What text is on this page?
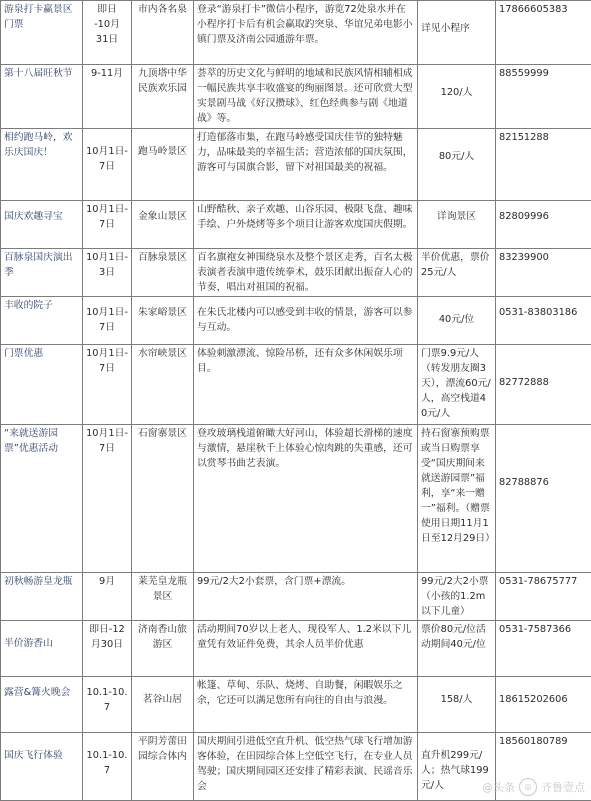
游泉打卡赢景区门票	即日
-10月
31日	市内各名泉	登录“游泉打卡”微信小程序，游览72处泉水并在小程序打卡后有机会赢取趵突泉、华谊兄弟电影小镇门票及济南公园通游年票。	详见小程序	17866605383

第十八届旺秋节	9-11月	九顶塔中华民族欢乐园	荟萃的历史文化与鲜明的地域和民族风情相辅相成一幅民族共享丰收盛宴的绚丽图景。还可欣赏大型实景剧马战《好汉攒球》、红色经典参与剧《地道战》等。	120/人	88559999

相约跑马岭，欢乐庆国庆！	10月1日-7日	跑马岭景区	打造郁落市集，在跑马岭感受国庆佳节的独特魅力，品味最美的幸福生活；营造浓郁的国庆氛围，游客可与国旗合影，留下对祖国最美的祝福。	80元/人	82151288

国庆欢趣寻宝	10月1日-7日	金象山景区	山野酷秋、亲子欢趣、山谷乐园、极限飞盘、趣味手绘、户外烧烤等多个项目让游客欢度国庆假期。	详询景区	82809996

百脉泉国庆演出季	10月1日-3日	百脉泉景区	百名旗袍女神围绕泉水及整个景区走秀，百名太极表演者表演申遗传统拳术，鼓乐团献出振奋人心的节奏，唱出对祖国的祝福。	半价优惠，票价25元/人	83239900

丰收的院子	10月1日-7日	朱家峪景区	在朱氏北楼内可以感受到丰收的情景，游客可以参与互动。	40元/位	0531-83803186

门票优惠	10月1日-7日	水帘峡景区	体验刺激漂流、惊险吊桥，还有众多休闲娱乐项目。	门票9.9元/人（转发朋友圈3天），漂流60元/人，高空栈道40元/人	82772888

“来就送游园票”优惠活动	10月1日-7日	石窗寨景区	登攻玻璃栈道俯瞰大好河山，体验超长滑梯的速度与激情，悬崖秋千上体验心惊肉跳的失重感，还可以赏琴书曲艺表演。	持石窗寨预购票或当日购票享受“国庆期间来就送游园票”福利，享“来一赠一”福利。（赠票使用日期11月1日至12月29日）	82788876

初秋畅游皇龙瓶	9月	莱芜皇龙瓶景区	99元/2大2小套票，含门票+漂流。	99元/2大2小票（小孩的1.2m以下儿童）	0531-78675777

半价游香山	即日-12月30日	济南香山旅游区	活动期间70岁以上老人、现役军人、1.2米以下儿童凭有效证件免费，其余人员半价优惠	票价80元/位活动期间40元/位	0531-7587366

露营&篝火晚会	10.1-10.7	茗谷山居	帐篷、草甸、乐队、烧烤、自助餐，闲暇娱乐之余，它还可以满足您所有向往的自由与浪漫。	158/人	18615202606

国庆飞行体验	10.1-10.7	平阴芳蕾田园综合体内	国庆期间引进低空直升机、低空热气球飞行增加游客体验，在田园综合体上空低空飞行，在专业人员驾驶；国庆期间园区还安排了精彩表演、民谣音乐会	直升机299元/人；热气球199元/人	18560180789
@头条	◎ 齐鲁壹点
